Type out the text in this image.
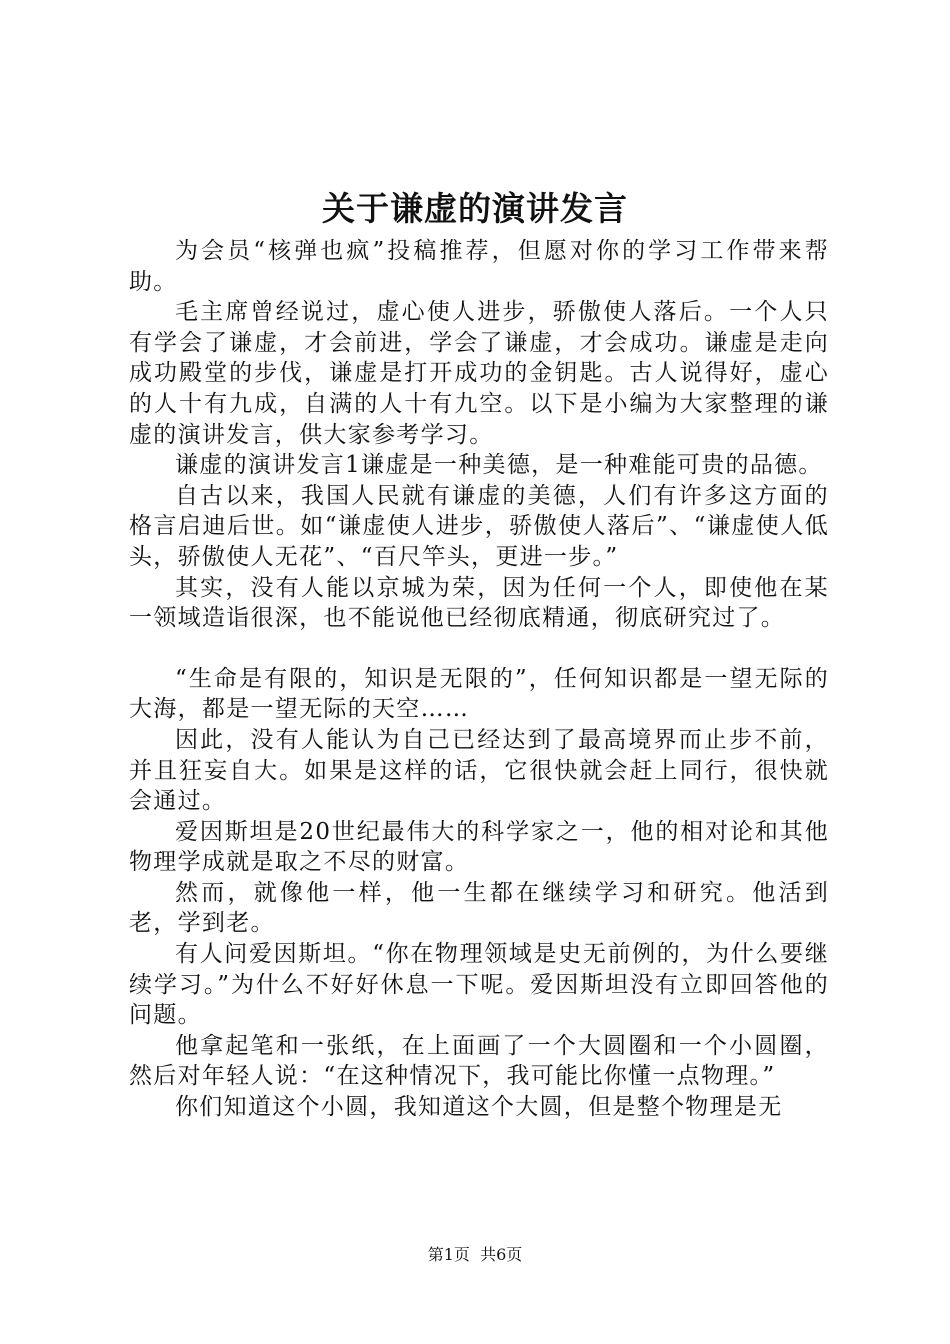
关于谦虚的演讲发言

为会员“核弹也疯”投稿推荐，但愿对你的学习工作带来帮助。

毛主席曾经说过，虚心使人进步，骄傲使人落后。一个人只有学会了谦虚，才会前进，学会了谦虚，才会成功。谦虚是走向成功殿堂的步伐，谦虚是打开成功的金钥匙。古人说得好，虚心的人十有九成，自满的人十有九空。以下是小编为大家整理的谦虚的演讲发言，供大家参考学习。

谦虚的演讲发言1谦虚是一种美德，是一种难能可贵的品德。

自古以来，我国人民就有谦虚的美德，人们有许多这方面的格言启迪后世。如“谦虚使人进步，骄傲使人落后”、“谦虚使人低头，骄傲使人无花”、“百尺竿头，更进一步。”

其实，没有人能以京城为荣，因为任何一个人，即使他在某一领域造诣很深，也不能说他已经彻底精通，彻底研究过了。

“生命是有限的，知识是无限的”，任何知识都是一望无际的大海，都是一望无际的天空……

因此，没有人能认为自己已经达到了最高境界而止步不前，并且狂妄自大。如果是这样的话，它很快就会赶上同行，很快就会通过。

爱因斯坦是20世纪最伟大的科学家之一，他的相对论和其他物理学成就是取之不尽的财富。

然而，就像他一样，他一生都在继续学习和研究。他活到老，学到老。

有人问爱因斯坦。“你在物理领域是史无前例的，为什么要继续学习。”为什么不好好休息一下呢。爱因斯坦没有立即回答他的问题。

他拿起笔和一张纸，在上面画了一个大圆圈和一个小圆圈，然后对年轻人说：“在这种情况下，我可能比你懂一点物理。”

你们知道这个小圆，我知道这个大圆，但是整个物理是无

第1页 共6页
